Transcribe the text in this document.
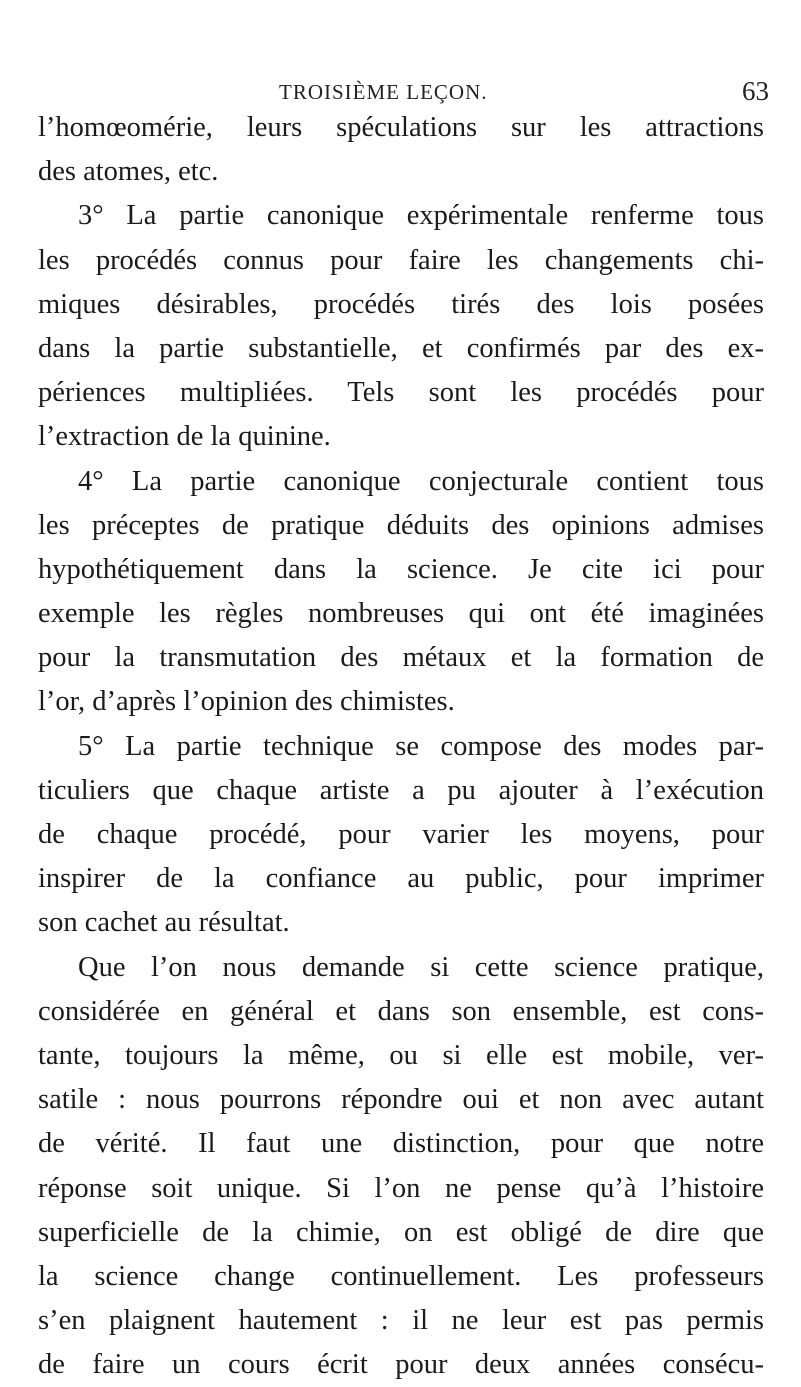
TROISIÈME LEÇON.	63
l’homœomérie, leurs spéculations sur les attractions
des atomes, etc.
3° La partie canonique expérimentale renferme tous
les procédés connus pour faire les changements chi-
miques désirables, procédés tirés des lois posées
dans la partie substantielle, et confirmés par des ex-
périences multipliées. Tels sont les procédés pour
l’extraction de la quinine.
4° La partie canonique conjecturale contient tous
les préceptes de pratique déduits des opinions admises
hypothétiquement dans la science. Je cite ici pour
exemple les règles nombreuses qui ont été imaginées
pour la transmutation des métaux et la formation de
l’or, d’après l’opinion des chimistes.
5° La partie technique se compose des modes par-
ticuliers que chaque artiste a pu ajouter à l’exécution
de chaque procédé, pour varier les moyens, pour
inspirer de la confiance au public, pour imprimer
son cachet au résultat.
Que l’on nous demande si cette science pratique,
considérée en général et dans son ensemble, est cons-
tante, toujours la même, ou si elle est mobile, ver-
satile : nous pourrons répondre oui et non avec autant
de vérité. Il faut une distinction, pour que notre
réponse soit unique. Si l’on ne pense qu’à l’histoire
superficielle de la chimie, on est obligé de dire que
la science change continuellement. Les professeurs
s’en plaignent hautement : il ne leur est pas permis
de faire un cours écrit pour deux années consécu-
